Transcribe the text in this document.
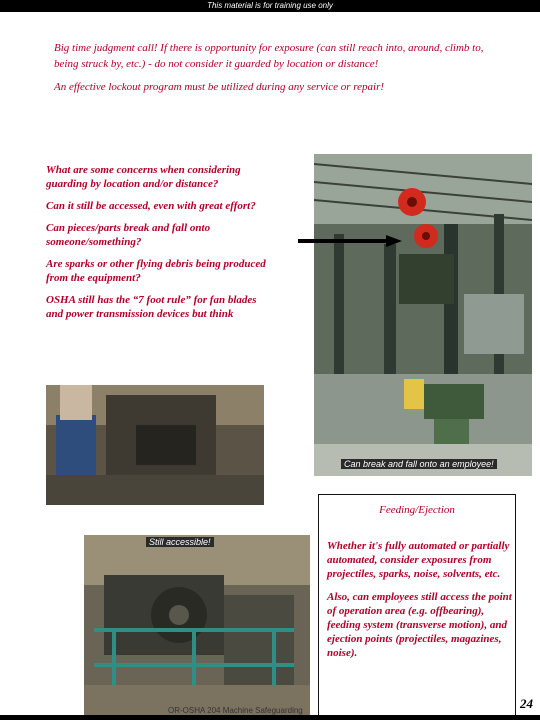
This material is for training use only

Big time judgment call! If there is opportunity for exposure (can still reach into, around, climb to, being struck by, etc.) - do not consider it guarded by location or distance!

An effective lockout program must be utilized during any service or repair!

Can break and fall onto an employee!

What are some concerns when considering guarding by location and/or distance?

Can it still be accessed, even with great effort?

Can pieces/parts break and fall onto someone/something?

Are sparks or other flying debris being produced from the equipment?

OSHA still has the “7 foot rule” for fan blades and power transmission devices but think

Still accessible!
Feeding/Ejection

Whether it's fully automated or partially automated, consider exposures from projectiles, sparks, noise, solvents, etc.

Also, can employees still access the point of operation area (e.g. offbearing), feeding system (transverse motion), and ejection points (projectiles, magazines, noise).

OR-OSHA 204 Machine Safeguarding	24
